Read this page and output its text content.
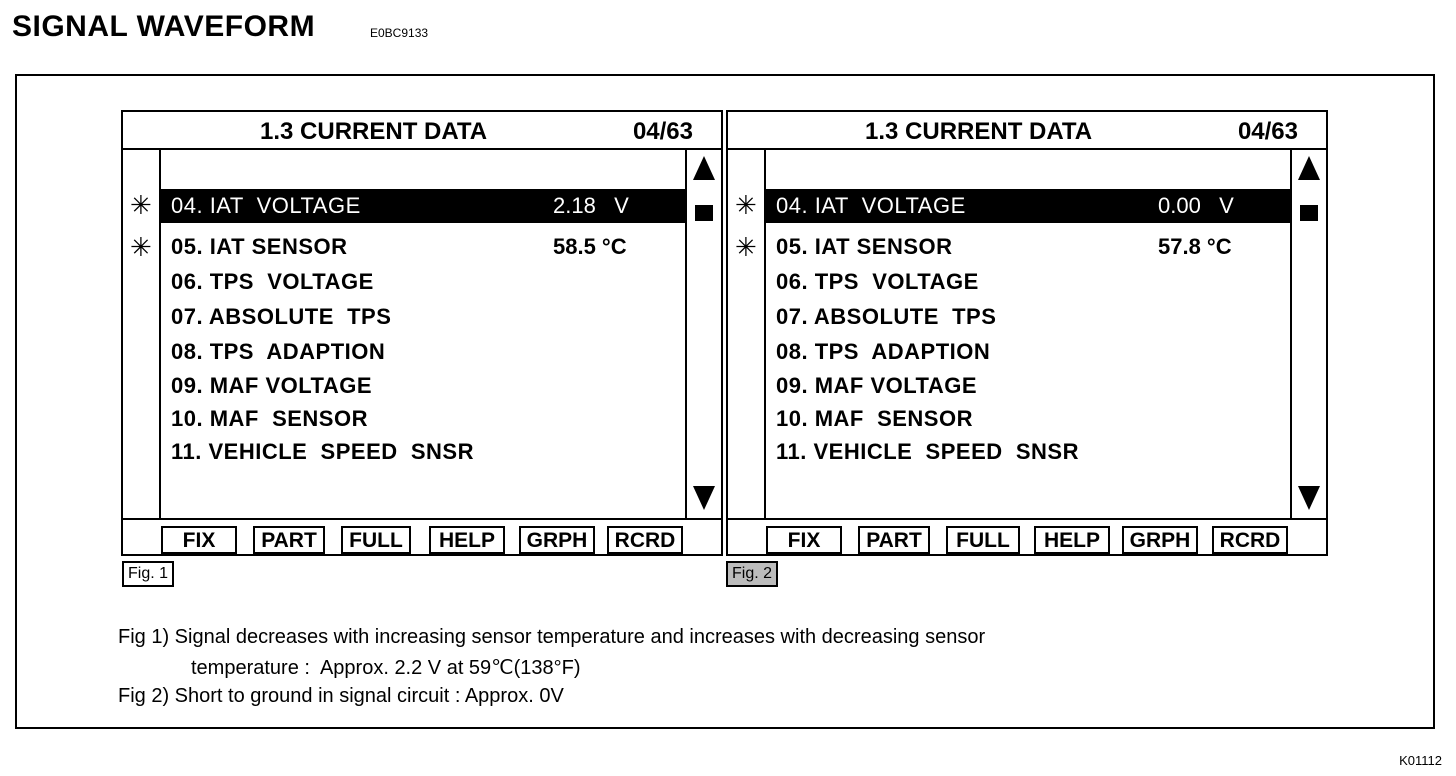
SIGNAL WAVEFORM	E0BC9133
1.3 CURRENT DATA	04/63
✳
✳
04. IAT  VOLTAGE	2.18   V
05. IAT SENSOR	58.5 °C
06. TPS  VOLTAGE
07. ABSOLUTE  TPS
08. TPS  ADAPTION
09. MAF VOLTAGE
10. MAF  SENSOR
11. VEHICLE  SPEED  SNSR
FIX	PART	FULL	HELP	GRPH	RCRD
1.3 CURRENT DATA	04/63
✳
✳
04. IAT  VOLTAGE	0.00   V
05. IAT SENSOR	57.8 °C
06. TPS  VOLTAGE
07. ABSOLUTE  TPS
08. TPS  ADAPTION
09. MAF VOLTAGE
10. MAF  SENSOR
11. VEHICLE  SPEED  SNSR
FIX	PART	FULL	HELP	GRPH	RCRD
Fig. 1	Fig. 2
Fig 1) Signal decreases with increasing sensor temperature and increases with decreasing sensor
temperature :  Approx. 2.2 V at 59℃(138°F)
Fig 2) Short to ground in signal circuit : Approx. 0V
K01112
